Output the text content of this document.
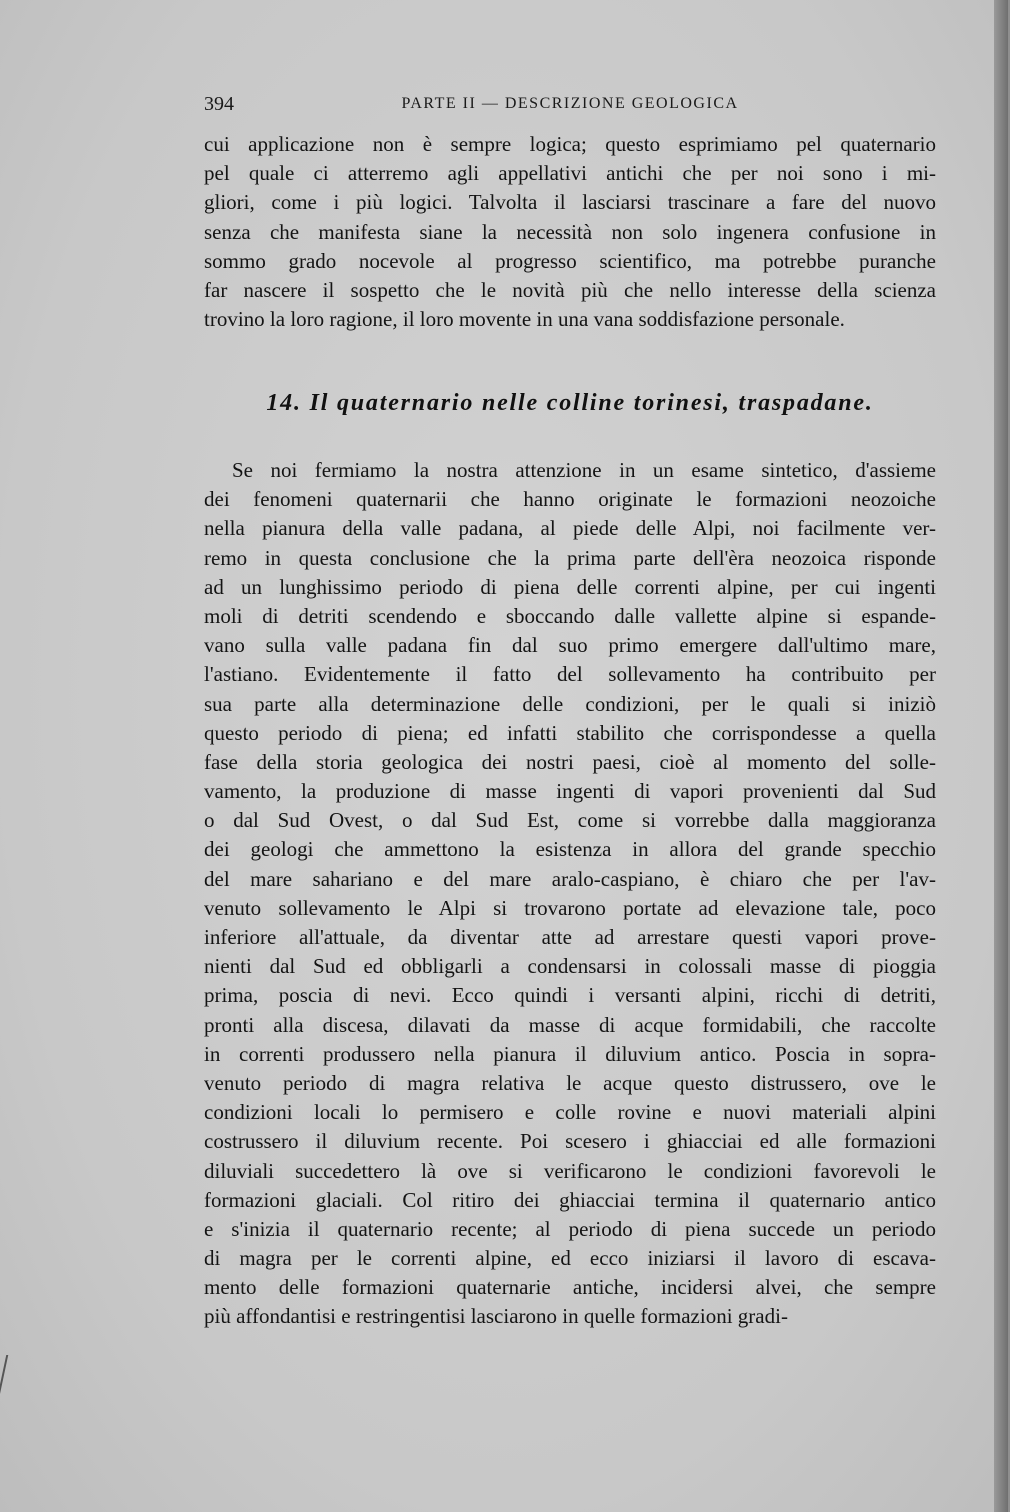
394	PARTE II — DESCRIZIONE GEOLOGICA
cui applicazione non è sempre logica; questo esprimiamo pel quaternario
pel quale ci atterremo agli appellativi antichi che per noi sono i mi-
gliori, come i più logici. Talvolta il lasciarsi trascinare a fare del nuovo
senza che manifesta siane la necessità non solo ingenera confusione in
sommo grado nocevole al progresso scientifico, ma potrebbe puranche
far nascere il sospetto che le novità più che nello interesse della scienza
trovino la loro ragione, il loro movente in una vana soddisfazione personale.
14. Il quaternario nelle colline torinesi, traspadane.
Se noi fermiamo la nostra attenzione in un esame sintetico, d'assieme
dei fenomeni quaternarii che hanno originate le formazioni neozoiche
nella pianura della valle padana, al piede delle Alpi, noi facilmente ver-
remo in questa conclusione che la prima parte dell'èra neozoica risponde
ad un lunghissimo periodo di piena delle correnti alpine, per cui ingenti
moli di detriti scendendo e sboccando dalle vallette alpine si espande-
vano sulla valle padana fin dal suo primo emergere dall'ultimo mare,
l'astiano. Evidentemente il fatto del sollevamento ha contribuito per
sua parte alla determinazione delle condizioni, per le quali si iniziò
questo periodo di piena; ed infatti stabilito che corrispondesse a quella
fase della storia geologica dei nostri paesi, cioè al momento del solle-
vamento, la produzione di masse ingenti di vapori provenienti dal Sud
o dal Sud Ovest, o dal Sud Est, come si vorrebbe dalla maggioranza
dei geologi che ammettono la esistenza in allora del grande specchio
del mare sahariano e del mare aralo-caspiano, è chiaro che per l'av-
venuto sollevamento le Alpi si trovarono portate ad elevazione tale, poco
inferiore all'attuale, da diventar atte ad arrestare questi vapori prove-
nienti dal Sud ed obbligarli a condensarsi in colossali masse di pioggia
prima, poscia di nevi. Ecco quindi i versanti alpini, ricchi di detriti,
pronti alla discesa, dilavati da masse di acque formidabili, che raccolte
in correnti produssero nella pianura il diluvium antico. Poscia in sopra-
venuto periodo di magra relativa le acque questo distrussero, ove le
condizioni locali lo permisero e colle rovine e nuovi materiali alpini
costrussero il diluvium recente. Poi scesero i ghiacciai ed alle formazioni
diluviali succedettero là ove si verificarono le condizioni favorevoli le
formazioni glaciali. Col ritiro dei ghiacciai termina il quaternario antico
e s'inizia il quaternario recente; al periodo di piena succede un periodo
di magra per le correnti alpine, ed ecco iniziarsi il lavoro di escava-
mento delle formazioni quaternarie antiche, incidersi alvei, che sempre
più affondantisi e restringentisi lasciarono in quelle formazioni gradi-
